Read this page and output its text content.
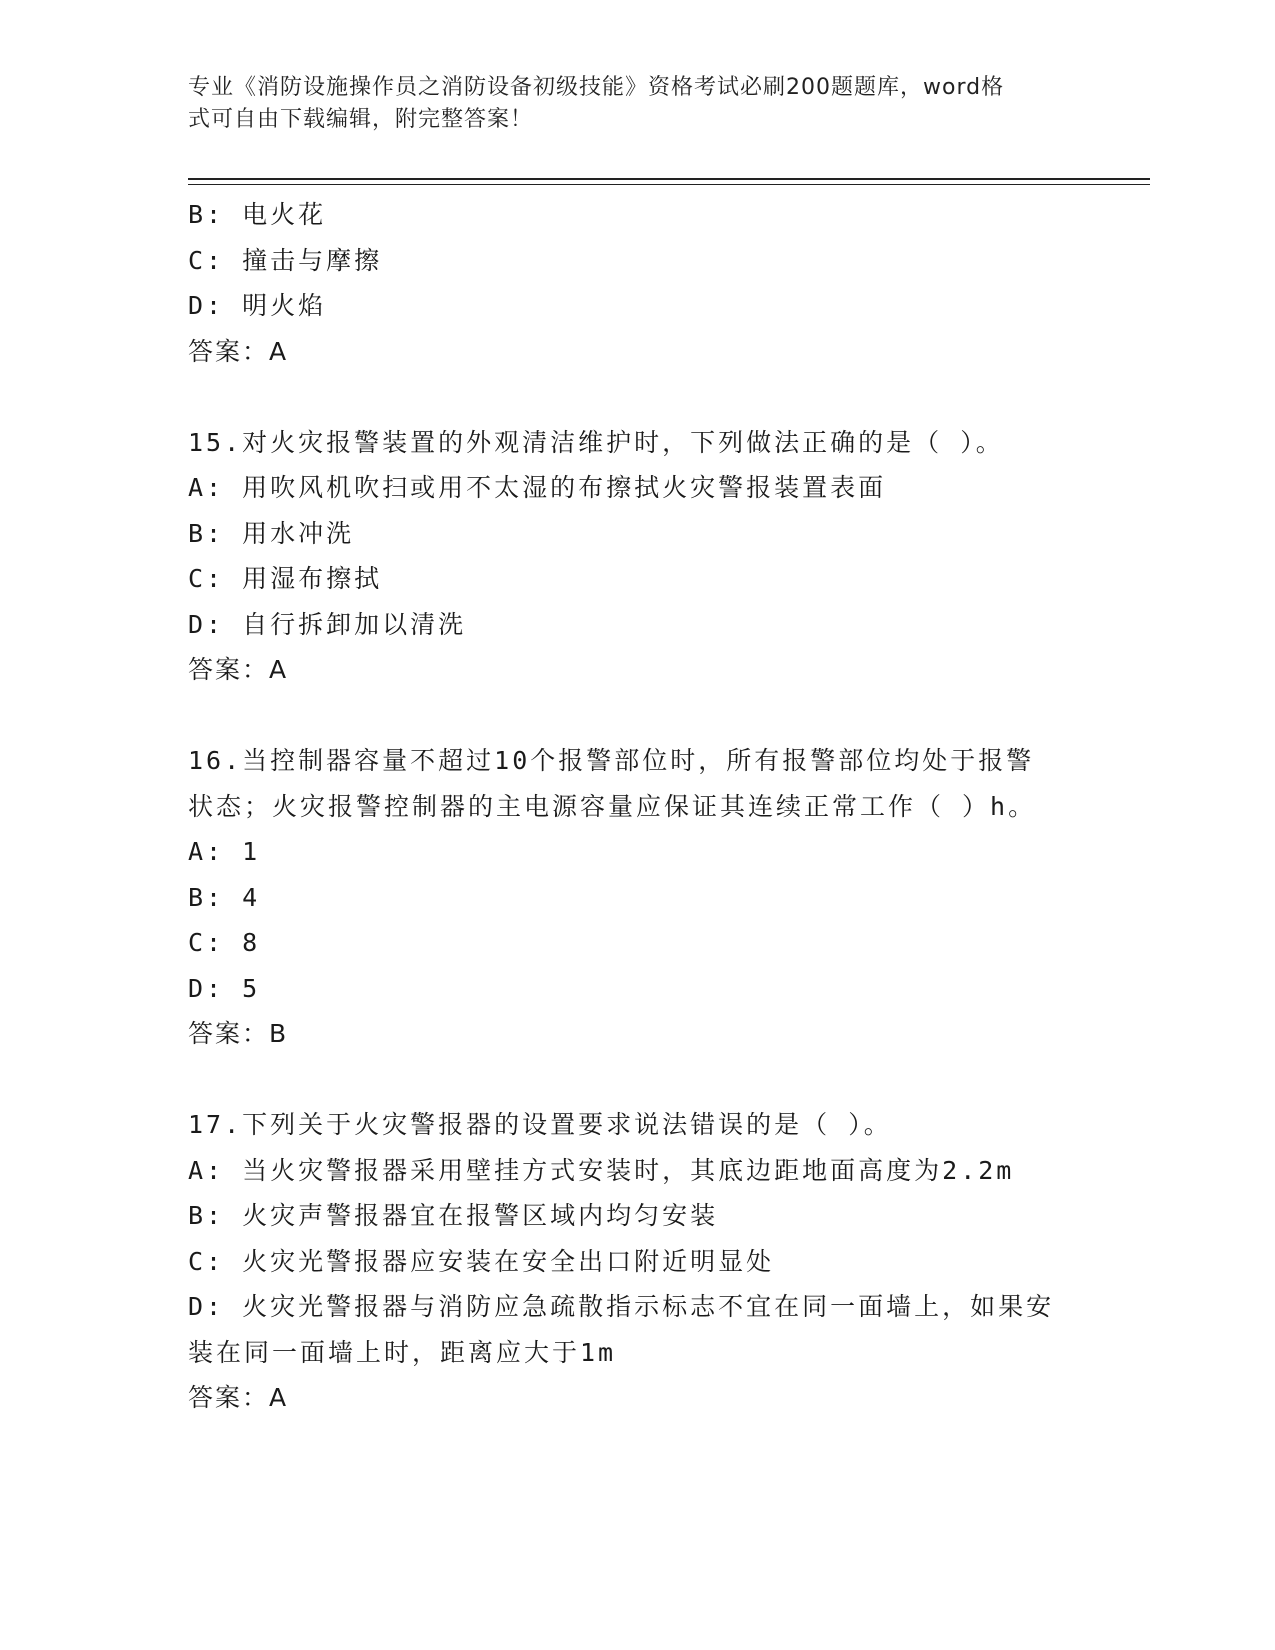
专业《消防设施操作员之消防设备初级技能》资格考试必刷200题题库，word格
式可自由下载编辑，附完整答案！
B: 电火花
C: 撞击与摩擦
D: 明火焰
答案：A
15.对火灾报警装置的外观清洁维护时，下列做法正确的是（ ）。
A: 用吹风机吹扫或用不太湿的布擦拭火灾警报装置表面
B: 用水冲洗
C: 用湿布擦拭
D: 自行拆卸加以清洗
答案：A
16.当控制器容量不超过10个报警部位时，所有报警部位均处于报警
状态；火灾报警控制器的主电源容量应保证其连续正常工作（ ）h。
A: 1
B: 4
C: 8
D: 5
答案：B
17.下列关于火灾警报器的设置要求说法错误的是（ ）。
A: 当火灾警报器采用壁挂方式安装时，其底边距地面高度为2.2m
B: 火灾声警报器宜在报警区域内均匀安装
C: 火灾光警报器应安装在安全出口附近明显处
D: 火灾光警报器与消防应急疏散指示标志不宜在同一面墙上，如果安
装在同一面墙上时，距离应大于1m
答案：A
